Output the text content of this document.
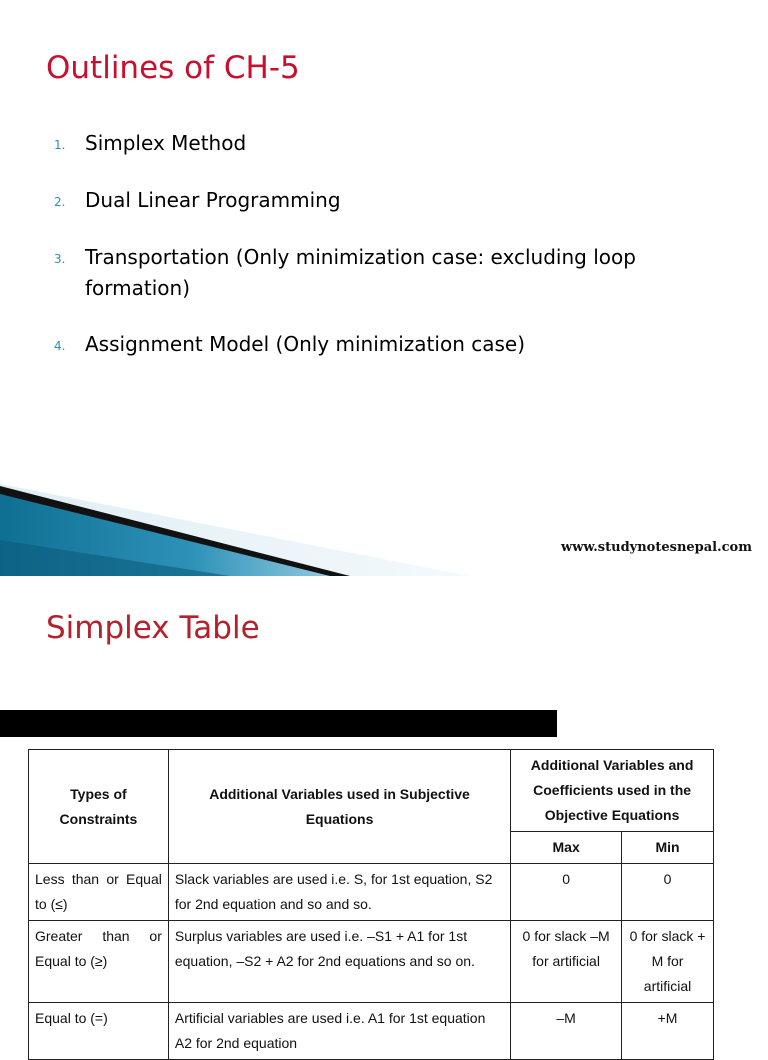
Outlines of CH-5
1. Simplex Method
2. Dual Linear Programming
3. Transportation (Only minimization case: excluding loop formation)
4. Assignment Model (Only minimization case)
www.studynotesnepal.com
Simplex Table
Types of Constraints	Additional Variables used in Subjective Equations	Additional Variables and Coefficients used in the Objective Equations	
		Max	Min
Less than or Equal to (≤)	Slack variables are used i.e. S, for 1st equation, S2 for 2nd equation and so and so.	0	0
Greater than or Equal to (≥)	Surplus variables are used i.e. –S1 + A1 for 1st equation, –S2 + A2 for 2nd equations and so on.	0 for slack –M for artificial	0 for slack + M for artificial
Equal to (=)	Artificial variables are used i.e. A1 for 1st equation A2 for 2nd equation	–M	+M
